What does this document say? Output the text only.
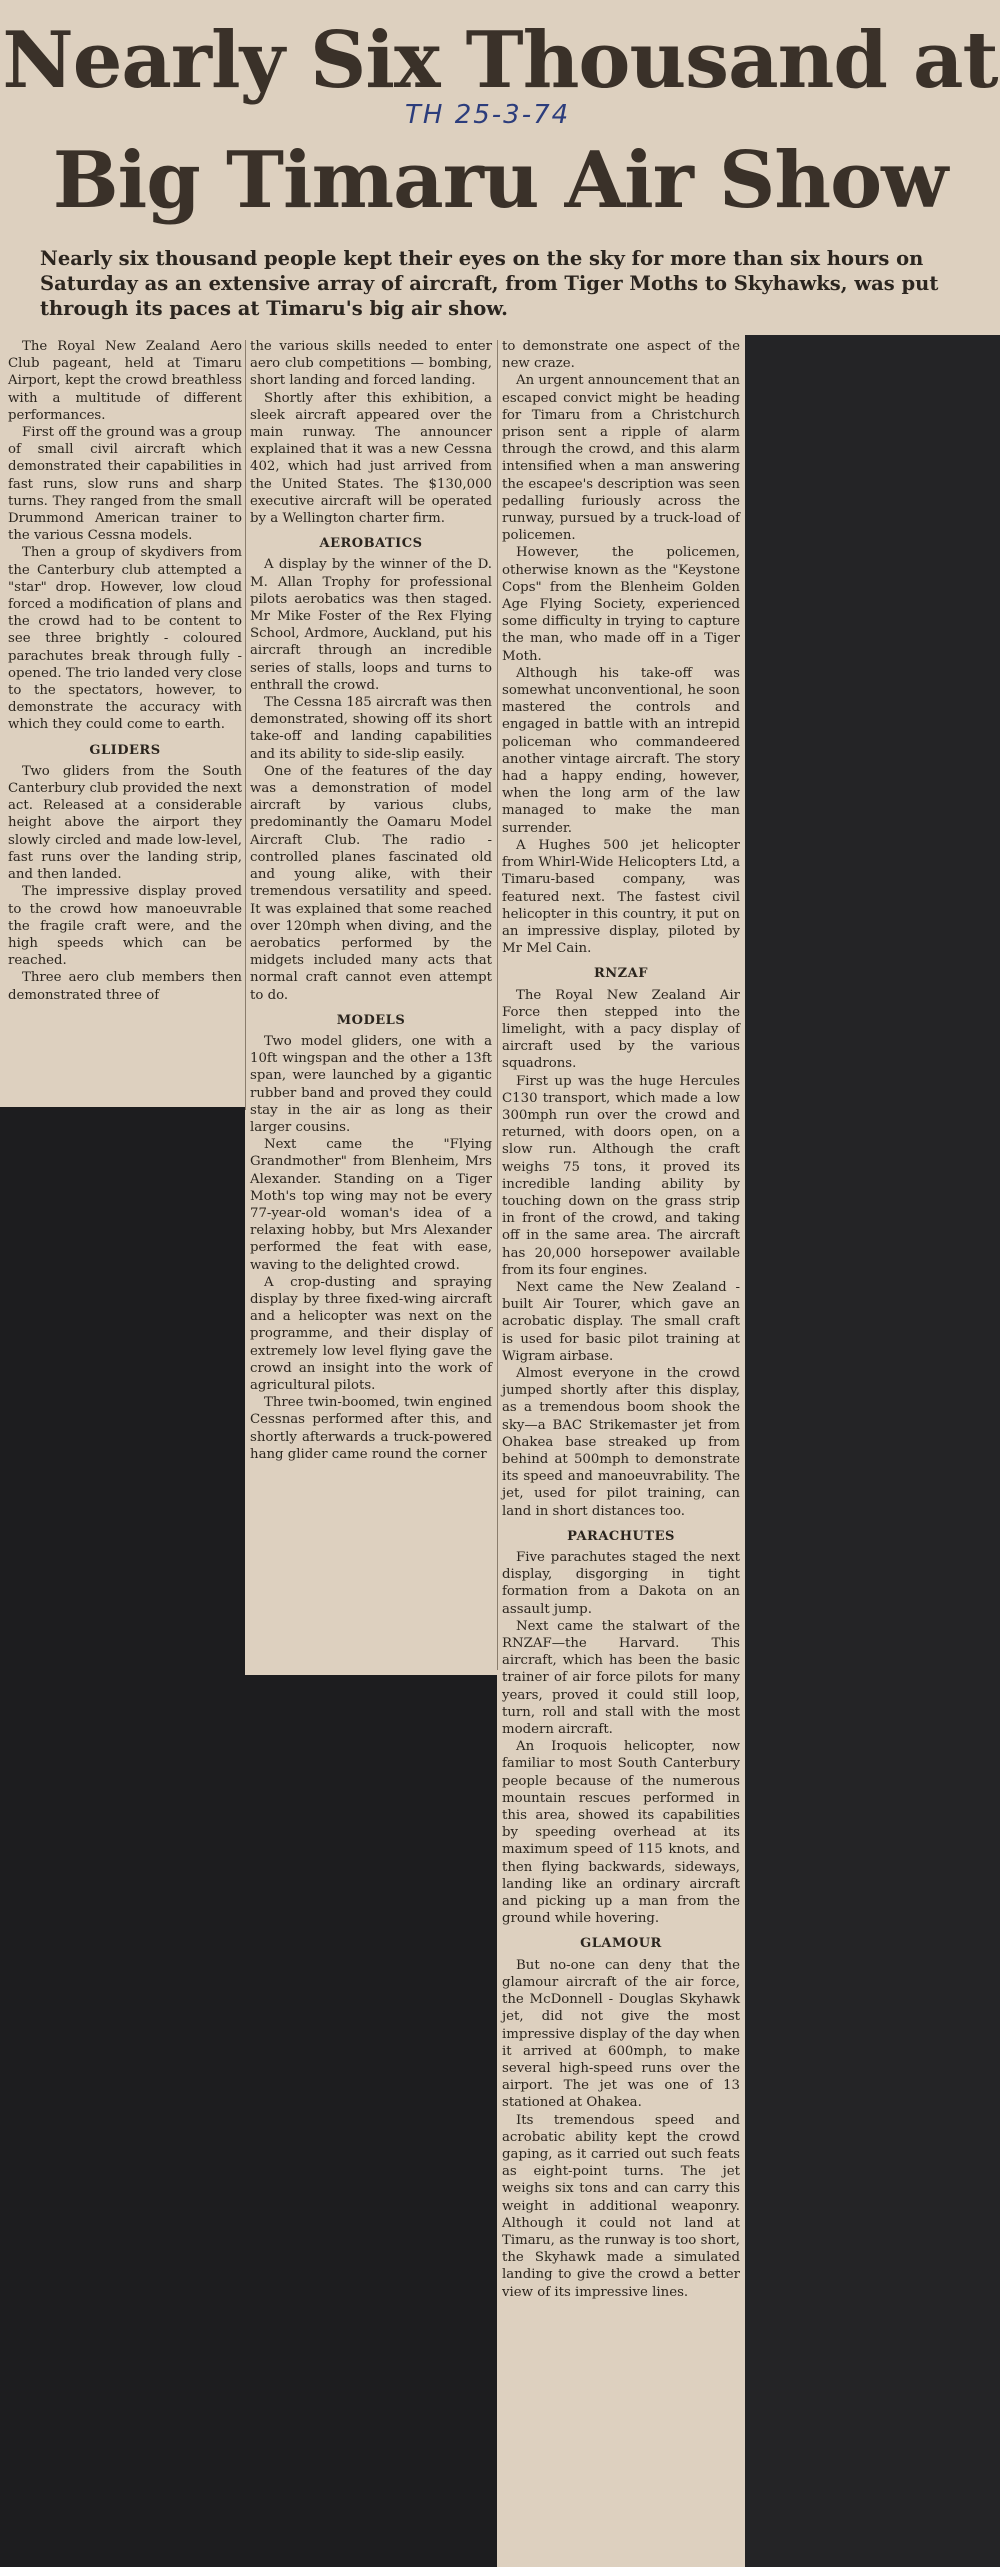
Nearly Six Thousand at
Big Timaru Air Show
TH 25-3-74

Nearly six thousand people kept their eyes on the sky for more than six hours on Saturday as an extensive array of aircraft, from Tiger Moths to Skyhawks, was put through its paces at Timaru's big air show.

The Royal New Zealand Aero Club pageant, held at Timaru Airport, kept the crowd breathless with a multitude of different performances.

First off the ground was a group of small civil aircraft which demonstrated their capabilities in fast runs, slow runs and sharp turns. They ranged from the small Drummond American trainer to the various Cessna models.

Then a group of skydivers from the Canterbury club attempted a "star" drop. However, low cloud forced a modification of plans and the crowd had to be content to see three brightly - coloured parachutes break through fully - opened. The trio landed very close to the spectators, however, to demonstrate the accuracy with which they could come to earth.

GLIDERS

Two gliders from the South Canterbury club provided the next act. Released at a considerable height above the airport they slowly circled and made low-level, fast runs over the landing strip, and then landed.

The impressive display proved to the crowd how manoeuvrable the fragile craft were, and the high speeds which can be reached.

Three aero club members then demonstrated three of

the various skills needed to enter aero club competitions — bombing, short landing and forced landing.

Shortly after this exhibition, a sleek aircraft appeared over the main runway. The announcer explained that it was a new Cessna 402, which had just arrived from the United States. The $130,000 executive aircraft will be operated by a Wellington charter firm.

AEROBATICS

A display by the winner of the D. M. Allan Trophy for professional pilots aerobatics was then staged. Mr Mike Foster of the Rex Flying School, Ardmore, Auckland, put his aircraft through an incredible series of stalls, loops and turns to enthrall the crowd.

The Cessna 185 aircraft was then demonstrated, showing off its short take-off and landing capabilities and its ability to side-slip easily.

One of the features of the day was a demonstration of model aircraft by various clubs, predominantly the Oamaru Model Aircraft Club. The radio - controlled planes fascinated old and young alike, with their tremendous versatility and speed. It was explained that some reached over 120mph when diving, and the aerobatics performed by the midgets included many acts that normal craft cannot even attempt to do.

MODELS

Two model gliders, one with a 10ft wingspan and the other a 13ft span, were launched by a gigantic rubber band and proved they could stay in the air as long as their larger cousins.

Next came the "Flying Grandmother" from Blenheim, Mrs Alexander. Standing on a Tiger Moth's top wing may not be every 77-year-old woman's idea of a relaxing hobby, but Mrs Alexander performed the feat with ease, waving to the delighted crowd.

A crop-dusting and spraying display by three fixed-wing aircraft and a helicopter was next on the programme, and their display of extremely low level flying gave the crowd an insight into the work of agricultural pilots.

Three twin-boomed, twin engined Cessnas performed after this, and shortly afterwards a truck-powered hang glider came round the corner

to demonstrate one aspect of the new craze.

An urgent announcement that an escaped convict might be heading for Timaru from a Christchurch prison sent a ripple of alarm through the crowd, and this alarm intensified when a man answering the escapee's description was seen pedalling furiously across the runway, pursued by a truck-load of policemen.

However, the policemen, otherwise known as the "Keystone Cops" from the Blenheim Golden Age Flying Society, experienced some difficulty in trying to capture the man, who made off in a Tiger Moth.

Although his take-off was somewhat unconventional, he soon mastered the controls and engaged in battle with an intrepid policeman who commandeered another vintage aircraft. The story had a happy ending, however, when the long arm of the law managed to make the man surrender.

A Hughes 500 jet helicopter from Whirl-Wide Helicopters Ltd, a Timaru-based company, was featured next. The fastest civil helicopter in this country, it put on an impressive display, piloted by Mr Mel Cain.

RNZAF

The Royal New Zealand Air Force then stepped into the limelight, with a pacy display of aircraft used by the various squadrons.

First up was the huge Hercules C130 transport, which made a low 300mph run over the crowd and returned, with doors open, on a slow run. Although the craft weighs 75 tons, it proved its incredible landing ability by touching down on the grass strip in front of the crowd, and taking off in the same area. The aircraft has 20,000 horsepower available from its four engines.

Next came the New Zealand - built Air Tourer, which gave an acrobatic display. The small craft is used for basic pilot training at Wigram airbase.

Almost everyone in the crowd jumped shortly after this display, as a tremendous boom shook the sky—a BAC Strikemaster jet from Ohakea base streaked up from behind at 500mph to demonstrate its speed and manoeuvrability. The jet, used for pilot training, can land in short distances too.

PARACHUTES

Five parachutes staged the next display, disgorging in tight formation from a Dakota on an assault jump.

Next came the stalwart of the RNZAF—the Harvard. This aircraft, which has been the basic trainer of air force pilots for many years, proved it could still loop, turn, roll and stall with the most modern aircraft.

An Iroquois helicopter, now familiar to most South Canterbury people because of the numerous mountain rescues performed in this area, showed its capabilities by speeding overhead at its maximum speed of 115 knots, and then flying backwards, sideways, landing like an ordinary aircraft and picking up a man from the ground while hovering.

GLAMOUR

But no-one can deny that the glamour aircraft of the air force, the McDonnell - Douglas Skyhawk jet, did not give the most impressive display of the day when it arrived at 600mph, to make several high-speed runs over the airport. The jet was one of 13 stationed at Ohakea.

Its tremendous speed and acrobatic ability kept the crowd gaping, as it carried out such feats as eight-point turns. The jet weighs six tons and can carry this weight in additional weaponry. Although it could not land at Timaru, as the runway is too short, the Skyhawk made a simulated landing to give the crowd a better view of its impressive lines.
